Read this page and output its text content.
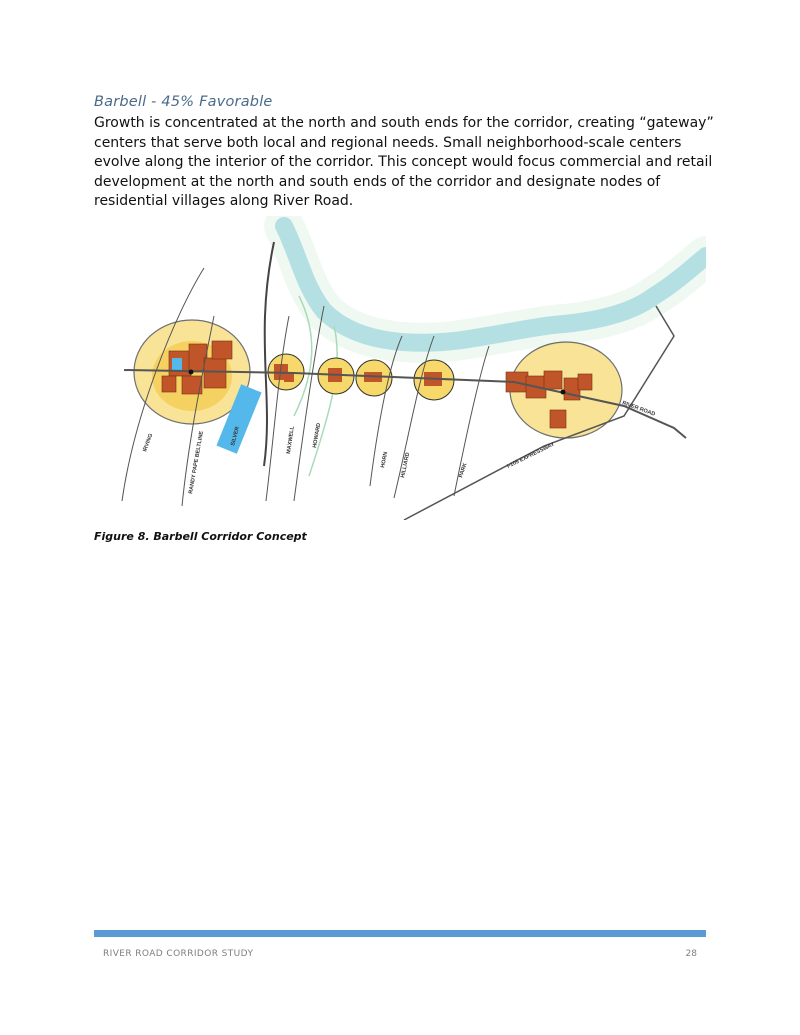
Barbell - 45% Favorable
Growth is concentrated at the north and south ends for the corridor, creating “gateway” centers that serve both local and regional needs. Small neighborhood-scale centers evolve along the interior of the corridor. This concept would focus commercial and retail development at the north and south ends of the corridor and designate nodes of residential villages along River Road.
IRVING	RANDY PAPE BELTLINE	SILVER	MAXWELL	HOWARD
HORN HILLIARD	PARK
RIVER ROAD
I-105 EXPRESSWAY
Figure 8. Barbell Corridor Concept
RIVER ROAD CORRIDOR STUDY	28
